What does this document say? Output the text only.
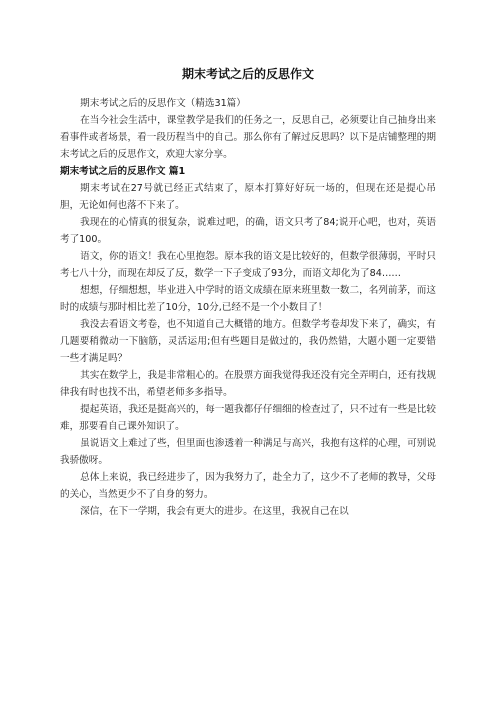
期末考试之后的反思作文

期末考试之后的反思作文（精选31篇）

在当今社会生活中，课堂教学是我们的任务之一，反思自己，必须要让自己抽身出来看事件或者场景，看一段历程当中的自己。那么你有了解过反思吗？以下是店铺整理的期末考试之后的反思作文，欢迎大家分享。

期末考试之后的反思作文 篇1

期末考试在27号就已经正式结束了，原本打算好好玩一场的，但现在还是提心吊胆，无论如何也落不下来了。

我现在的心情真的很复杂，说难过吧，的确，语文只考了84;说开心吧，也对，英语考了100。

语文，你的语文！我在心里抱怨。原本我的语文是比较好的，但数学很薄弱，平时只考七八十分，而现在却反了反，数学一下子变成了93分，而语文却化为了84……

想想，仔细想想，毕业进入中学时的语文成绩在原来班里数一数二，名列前茅，而这时的成绩与那时相比差了10分，10分,已经不是一个小数目了！

我没去看语文考卷，也不知道自己大概错的地方。但数学考卷却发下来了，确实，有几题要稍微动一下脑筋，灵活运用;但有些题目是做过的，我仍然错，大题小题一定要错一些才满足吗？

其实在数学上，我是非常粗心的。在股票方面我觉得我还没有完全弄明白，还有找规律我有时也找不出，希望老师多多指导。

提起英语，我还是挺高兴的，每一题我都仔仔细细的检查过了，只不过有一些是比较难，那要看自己课外知识了。

虽说语文上难过了些，但里面也渗透着一种满足与高兴，我抱有这样的心理，可别说我骄傲呀。

总体上来说，我已经进步了，因为我努力了，赴全力了，这少不了老师的教导，父母的关心，当然更少不了自身的努力。

深信，在下一学期，我会有更大的进步。在这里，我祝自己在以
